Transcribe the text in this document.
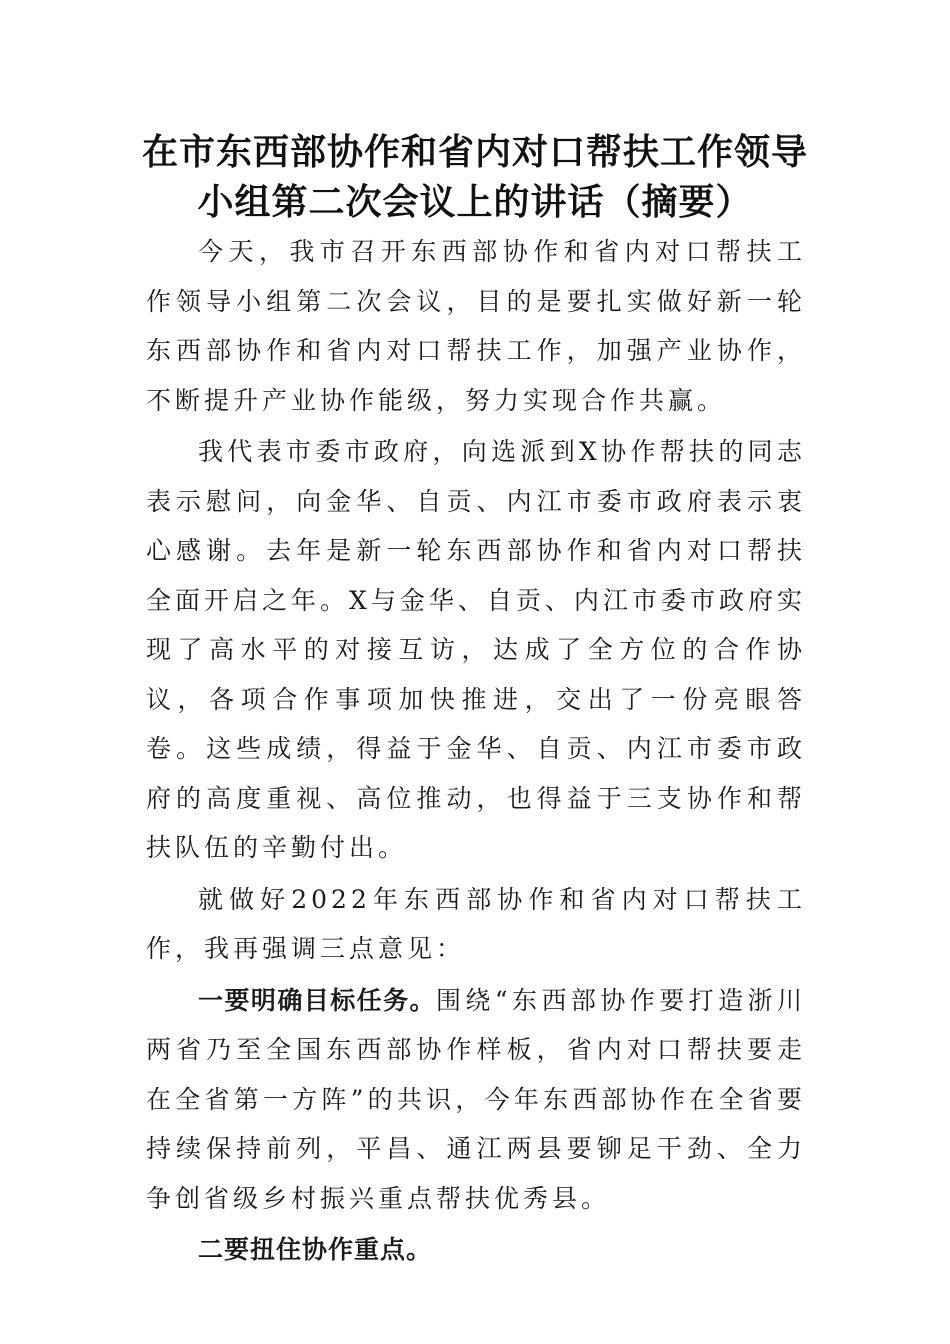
在市东西部协作和省内对口帮扶工作领导
小组第二次会议上的讲话（摘要）

今天，我市召开东西部协作和省内对口帮扶工作领导小组第二次会议，目的是要扎实做好新一轮东西部协作和省内对口帮扶工作，加强产业协作，不断提升产业协作能级，努力实现合作共赢。

我代表市委市政府，向选派到X协作帮扶的同志表示慰问，向金华、自贡、内江市委市政府表示衷心感谢。去年是新一轮东西部协作和省内对口帮扶全面开启之年。X与金华、自贡、内江市委市政府实现了高水平的对接互访，达成了全方位的合作协议，各项合作事项加快推进，交出了一份亮眼答卷。这些成绩，得益于金华、自贡、内江市委市政府的高度重视、高位推动，也得益于三支协作和帮扶队伍的辛勤付出。

就做好2022年东西部协作和省内对口帮扶工作，我再强调三点意见：

一要明确目标任务。围绕“东西部协作要打造浙川两省乃至全国东西部协作样板，省内对口帮扶要走在全省第一方阵”的共识，今年东西部协作在全省要持续保持前列，平昌、通江两县要铆足干劲、全力争创省级乡村振兴重点帮扶优秀县。

二要扭住协作重点。
